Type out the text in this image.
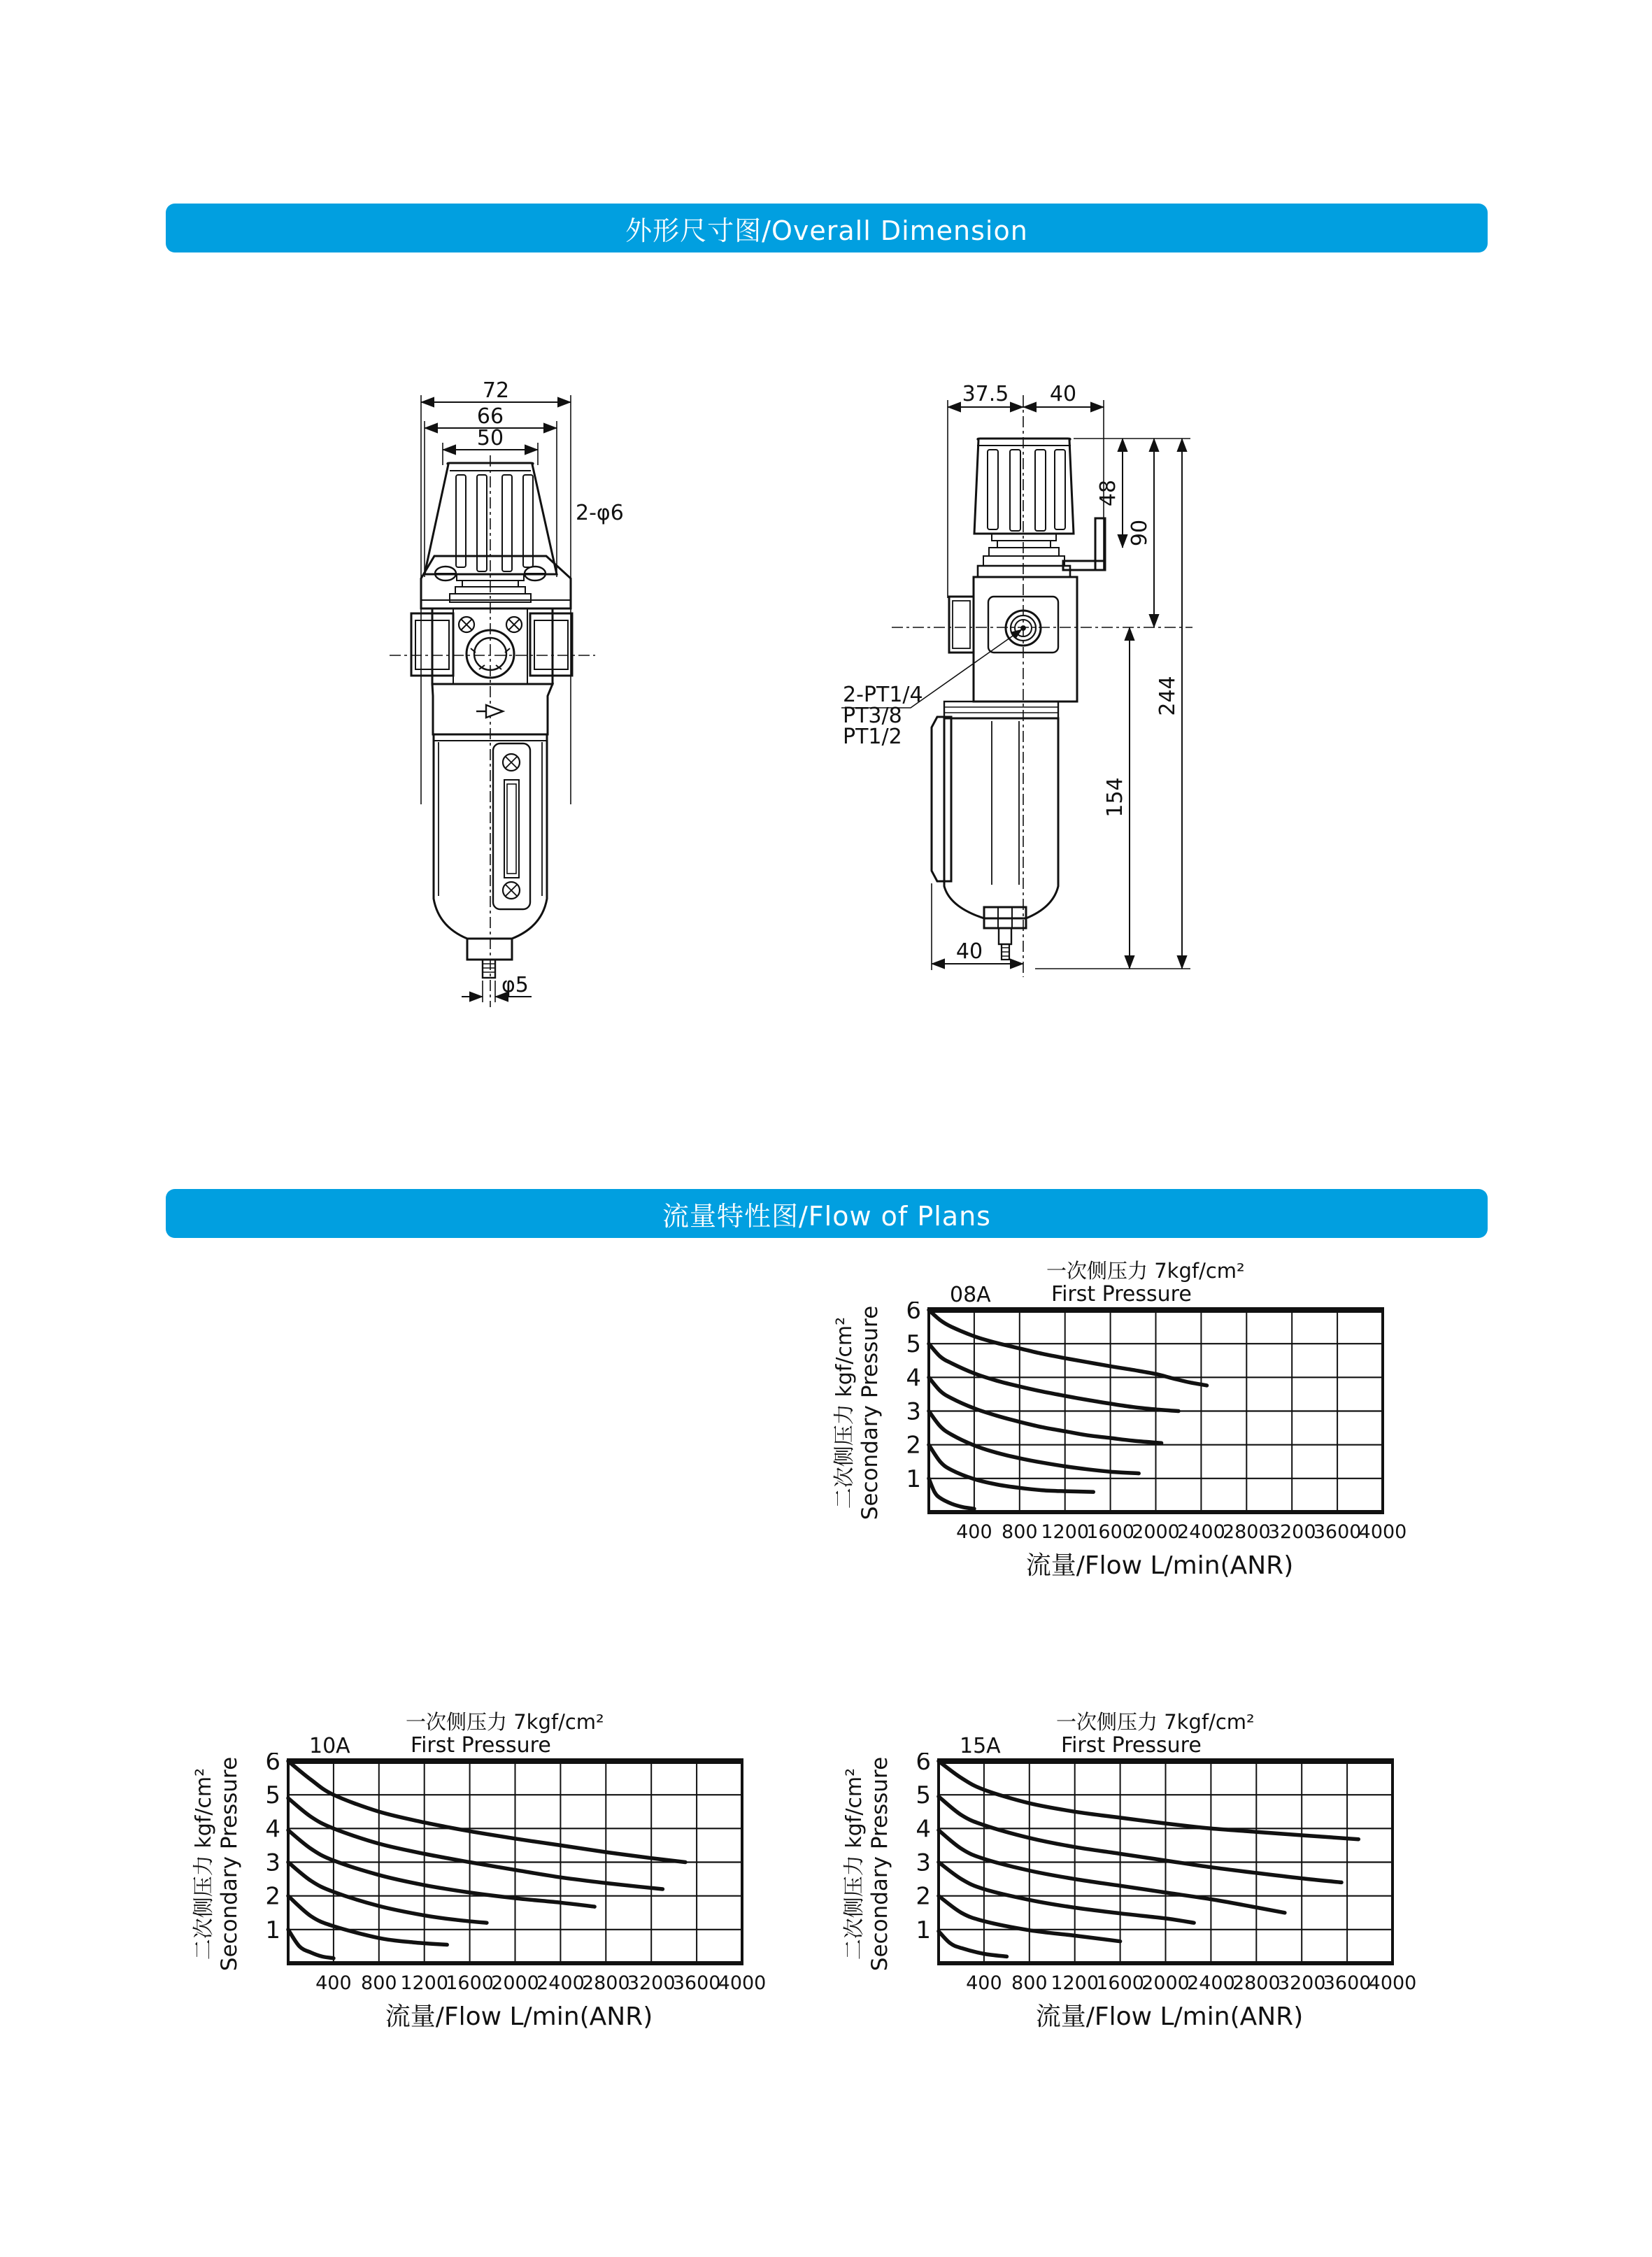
外形尺寸图/Overall Dimension
流量特性图/Flow of Plans
72
66
50
2-φ6
φ5
37.5 40
2-PT1/4
PT3/8
PT1/2
48
90
244
154
40
08A
一次侧压力 7kgf/cm²
First Pressure
二次侧压力 kgf/cm² Secondary Pressure
400 800 1200
1600
2000
2400
2800
3200
3600
4000
1
2
3
4
5
6
流量/Flow L/min(ANR)
10A
一次侧压力 7kgf/cm²
First Pressure
二次侧压力 kgf/cm² Secondary Pressure
400 800 1200
1600
2000
2400
2800
3200
3600
4000
1
2
3
4
5
6
流量/Flow L/min(ANR)
15A
一次侧压力 7kgf/cm²
First Pressure
二次侧压力 kgf/cm² Secondary Pressure
400 800 1200
1600
2000
2400
2800
3200
3600
4000
1
2
3
4
5
6
流量/Flow L/min(ANR)
